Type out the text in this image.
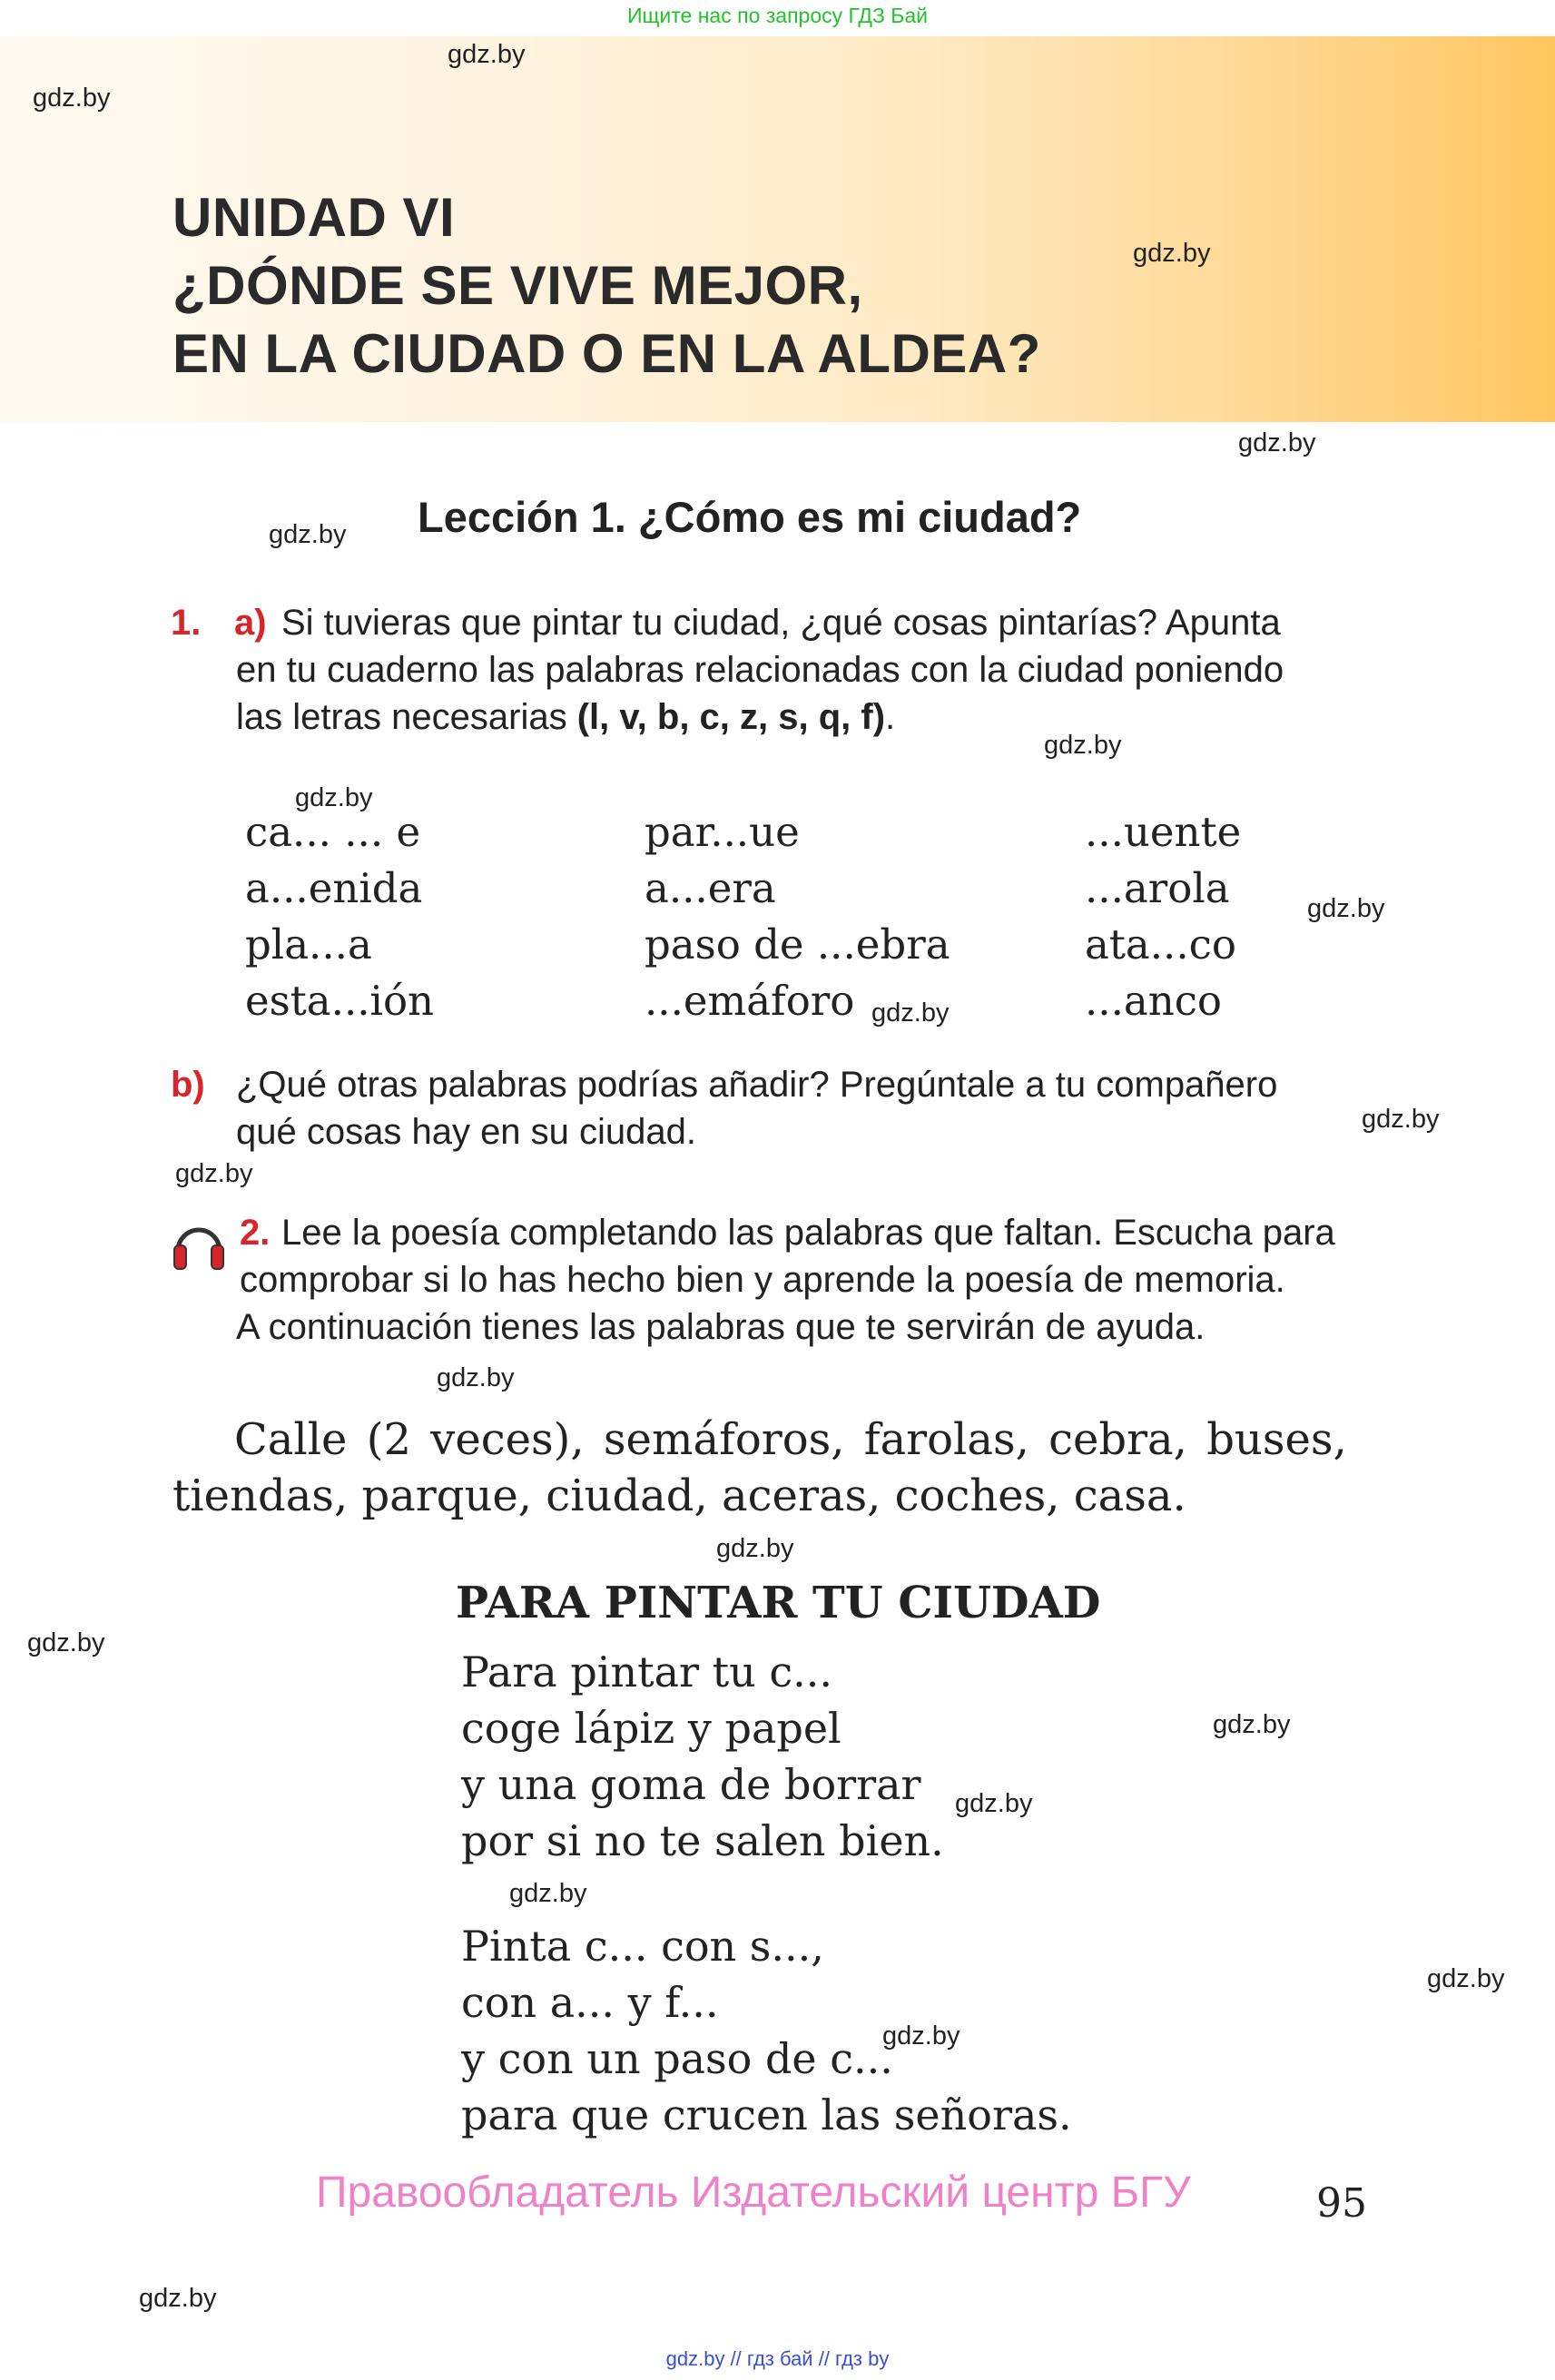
Ищите нас по запросу ГДЗ Бай
UNIDAD VI
¿DÓNDE SE VIVE MEJOR,
EN LA CIUDAD O EN LA ALDEA?
Lección 1. ¿Cómo es mi ciudad?
1. a) Si tuvieras que pintar tu ciudad, ¿qué cosas pintarías? Apunta
en tu cuaderno las palabras relacionadas con la ciudad poniendo
las letras necesarias (l, v, b, c, z, s, q, f).
ca... ... e	par...ue	...uente
a...enida	a...era	...arola
pla...a	paso de ...ebra	ata...co
esta...ión	...emáforo	...anco
b) ¿Qué otras palabras podrías añadir? Pregúntale a tu compañero
qué cosas hay en su ciudad.
2. Lee la poesía completando las palabras que faltan. Escucha para
comprobar si lo has hecho bien y aprende la poesía de memoria.
A continuación tienes las palabras que te servirán de ayuda.
Calle (2 veces), semáforos, farolas, cebra, buses,
tiendas, parque, ciudad, aceras, coches, casa.
PARA PINTAR TU CIUDAD
Para pintar tu c...
coge lápiz y papel
y una goma de borrar
por si no te salen bien.
Pinta c... con s...,
con a... y f...
y con un paso de c...
para que crucen las señoras.
Правообладатель Издательский центр БГУ	95
gdz.by
gdz.by
gdz.by
gdz.by
gdz.by
gdz.by
gdz.by
gdz.by
gdz.by
gdz.by
gdz.by
gdz.by
gdz.by
gdz.by
gdz.by
gdz.by
gdz.by
gdz.by
gdz.by
gdz.by
gdz.by // гдз бай // гдз by
